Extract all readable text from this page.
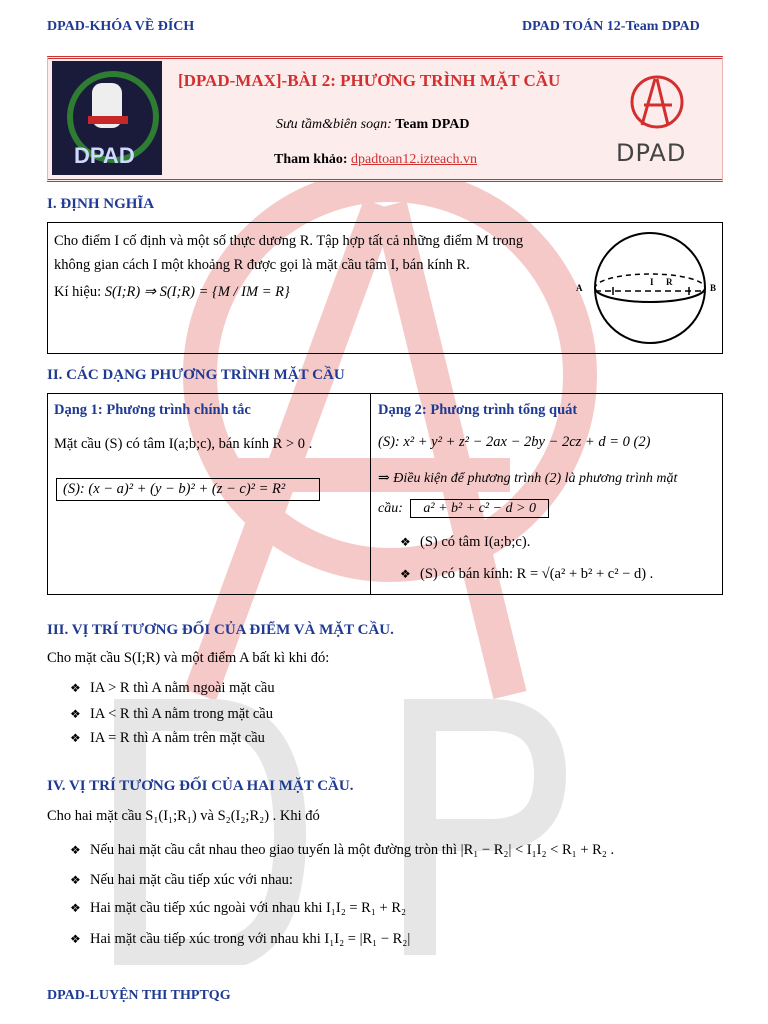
DPAD-KHÓA VỀ ĐÍCH	DPAD TOÁN 12-Team DPAD
DPAD
[DPAD-MAX]-BÀI 2: PHƯƠNG TRÌNH MẶT CẦU
Sưu tầm&biên soạn: Team DPAD
Tham khảo: dpadtoan12.izteach.vn	DPAD
I. ĐỊNH NGHĨA
Cho điểm I cố định và một số thực dương R. Tập hợp tất cả những điểm M trong
không gian cách I một khoảng R được gọi là mặt cầu tâm I, bán kính R.
Kí hiệu: S(I;R) ⇒ S(I;R) = {M / IM = R}	A	B
I R
II. CÁC DẠNG PHƯƠNG TRÌNH MẶT CẦU
Dạng 1: Phương trình chính tắc
Mặt cầu (S) có tâm I(a;b;c), bán kính R > 0 .
(S): (x − a)² + (y − b)² + (z − c)² = R²
Dạng 2: Phương trình tổng quát
(S): x² + y² + z² − 2ax − 2by − 2cz + d = 0 (2)
⇒ Điều kiện để phương trình (2) là phương trình mặt
cầu: a² + b² + c² − d > 0
❖ (S) có tâm I(a;b;c).
❖ (S) có bán kính: R = √(a² + b² + c² − d) .
III. VỊ TRÍ TƯƠNG ĐỐI CỦA ĐIỂM VÀ MẶT CẦU.
Cho mặt cầu S(I;R) và một điểm A bất kì khi đó:
❖ IA > R thì A nằm ngoài mặt cầu
❖ IA < R thì A nằm trong mặt cầu
❖ IA = R thì A nằm trên mặt cầu
IV. VỊ TRÍ TƯƠNG ĐỐI CỦA HAI MẶT CẦU.
Cho hai mặt cầu S₁(I₁;R₁) và S₂(I₂;R₂) . Khi đó
❖ Nếu hai mặt cầu cắt nhau theo giao tuyến là một đường tròn thì |R₁ − R₂| < I₁I₂ < R₁ + R₂ .
❖ Nếu hai mặt cầu tiếp xúc với nhau:
❖ Hai mặt cầu tiếp xúc ngoài với nhau khi I₁I₂ = R₁ + R₂
❖ Hai mặt cầu tiếp xúc trong với nhau khi I₁I₂ = |R₁ − R₂|
DPAD-LUYỆN THI THPTQG
